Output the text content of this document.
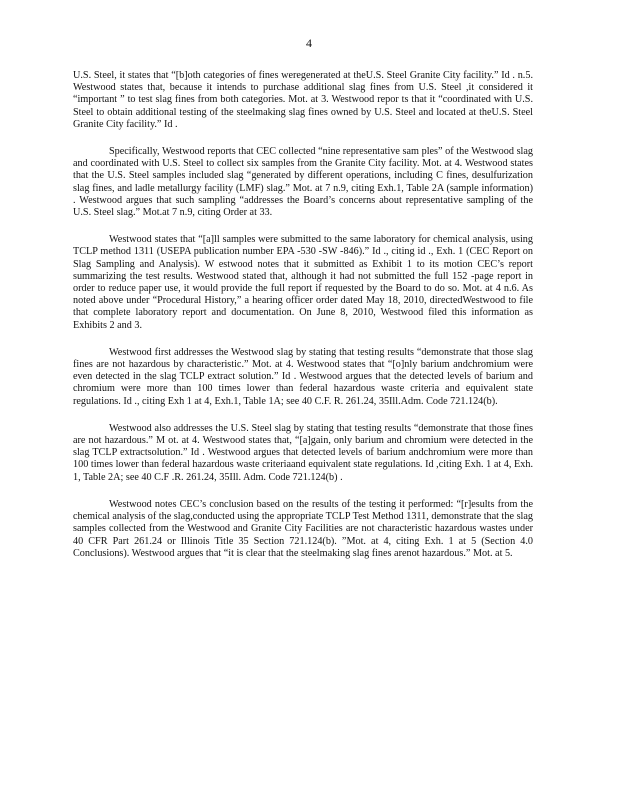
4

U.S. Steel, it states that “[b]oth categories of fines weregenerated at theU.S. Steel Granite City facility.” Id . n.5. Westwood states that, because it intends to purchase additional slag fines from U.S. Steel ,it considered it “important ” to test slag fines from both categories. Mot. at 3. Westwood repor ts that it “coordinated with U.S. Steel to obtain additional testing of the steelmaking slag fines owned by U.S. Steel and located at theU.S. Steel Granite City facility.” Id .

Specifically, Westwood reports that CEC collected “nine representative sam ples” of the Westwood slag and coordinated with U.S. Steel to collect six samples from the Granite City facility. Mot. at 4. Westwood states that the U.S. Steel samples included slag “generated by different operations, including C fines, desulfurization slag fines, and ladle metallurgy facility (LMF) slag.” Mot. at 7 n.9, citing Exh.1, Table 2A (sample information) . Westwood argues that such sampling “addresses the Board’s concerns about representative sampling of the U.S. Steel slag.” Mot.at 7 n.9, citing Order at 33.

Westwood states that “[a]ll samples were submitted to the same laboratory for chemical analysis, using TCLP method 1311 (USEPA publication number EPA -530 -SW -846).” Id ., citing id ., Exh. 1 (CEC Report on Slag Sampling and Analysis). W estwood notes that it submitted as Exhibit 1 to its motion CEC’s report summarizing the test results. Westwood stated that, although it had not submitted the full 152 -page report in order to reduce paper use, it would provide the full report if requested by the Board to do so. Mot. at 4 n.6. As noted above under “Procedural History,” a hearing officer order dated May 18, 2010, directedWestwood to file that complete laboratory report and documentation. On June 8, 2010, Westwood filed this information as Exhibits 2 and 3.

Westwood first addresses the Westwood slag by stating that testing results “demonstrate that those slag fines are not hazardous by characteristic.” Mot. at 4. Westwood states that “[o]nly barium andchromium were even detected in the slag TCLP extract solution.” Id . Westwood argues that the detected levels of barium and chromium were more than 100 times lower than federal hazardous waste criteria and equivalent state regulations. Id ., citing Exh 1 at 4, Exh.1, Table 1A; see 40 C.F. R. 261.24, 35Ill.Adm. Code 721.124(b).

Westwood also addresses the U.S. Steel slag by stating that testing results “demonstrate that those fines are not hazardous.” M ot. at 4. Westwood states that, “[a]gain, only barium and chromium were detected in the slag TCLP extractsolution.” Id . Westwood argues that detected levels of barium andchromium were more than 100 times lower than federal hazardous waste criteriaand equivalent state regulations. Id ,citing Exh. 1 at 4, Exh. 1, Table 2A; see 40 C.F .R. 261.24, 35Ill. Adm. Code 721.124(b) .

Westwood notes CEC’s conclusion based on the results of the testing it performed: “[r]esults from the chemical analysis of the slag,conducted using the appropriate TCLP Test Method 1311, demonstrate that the slag samples collected from the Westwood and Granite City Facilities are not characteristic hazardous wastes under 40 CFR Part 261.24 or Illinois Title 35 Section 721.124(b). ”Mot. at 4, citing Exh. 1 at 5 (Section 4.0 Conclusions). Westwood argues that “it is clear that the steelmaking slag fines arenot hazardous.” Mot. at 5.
